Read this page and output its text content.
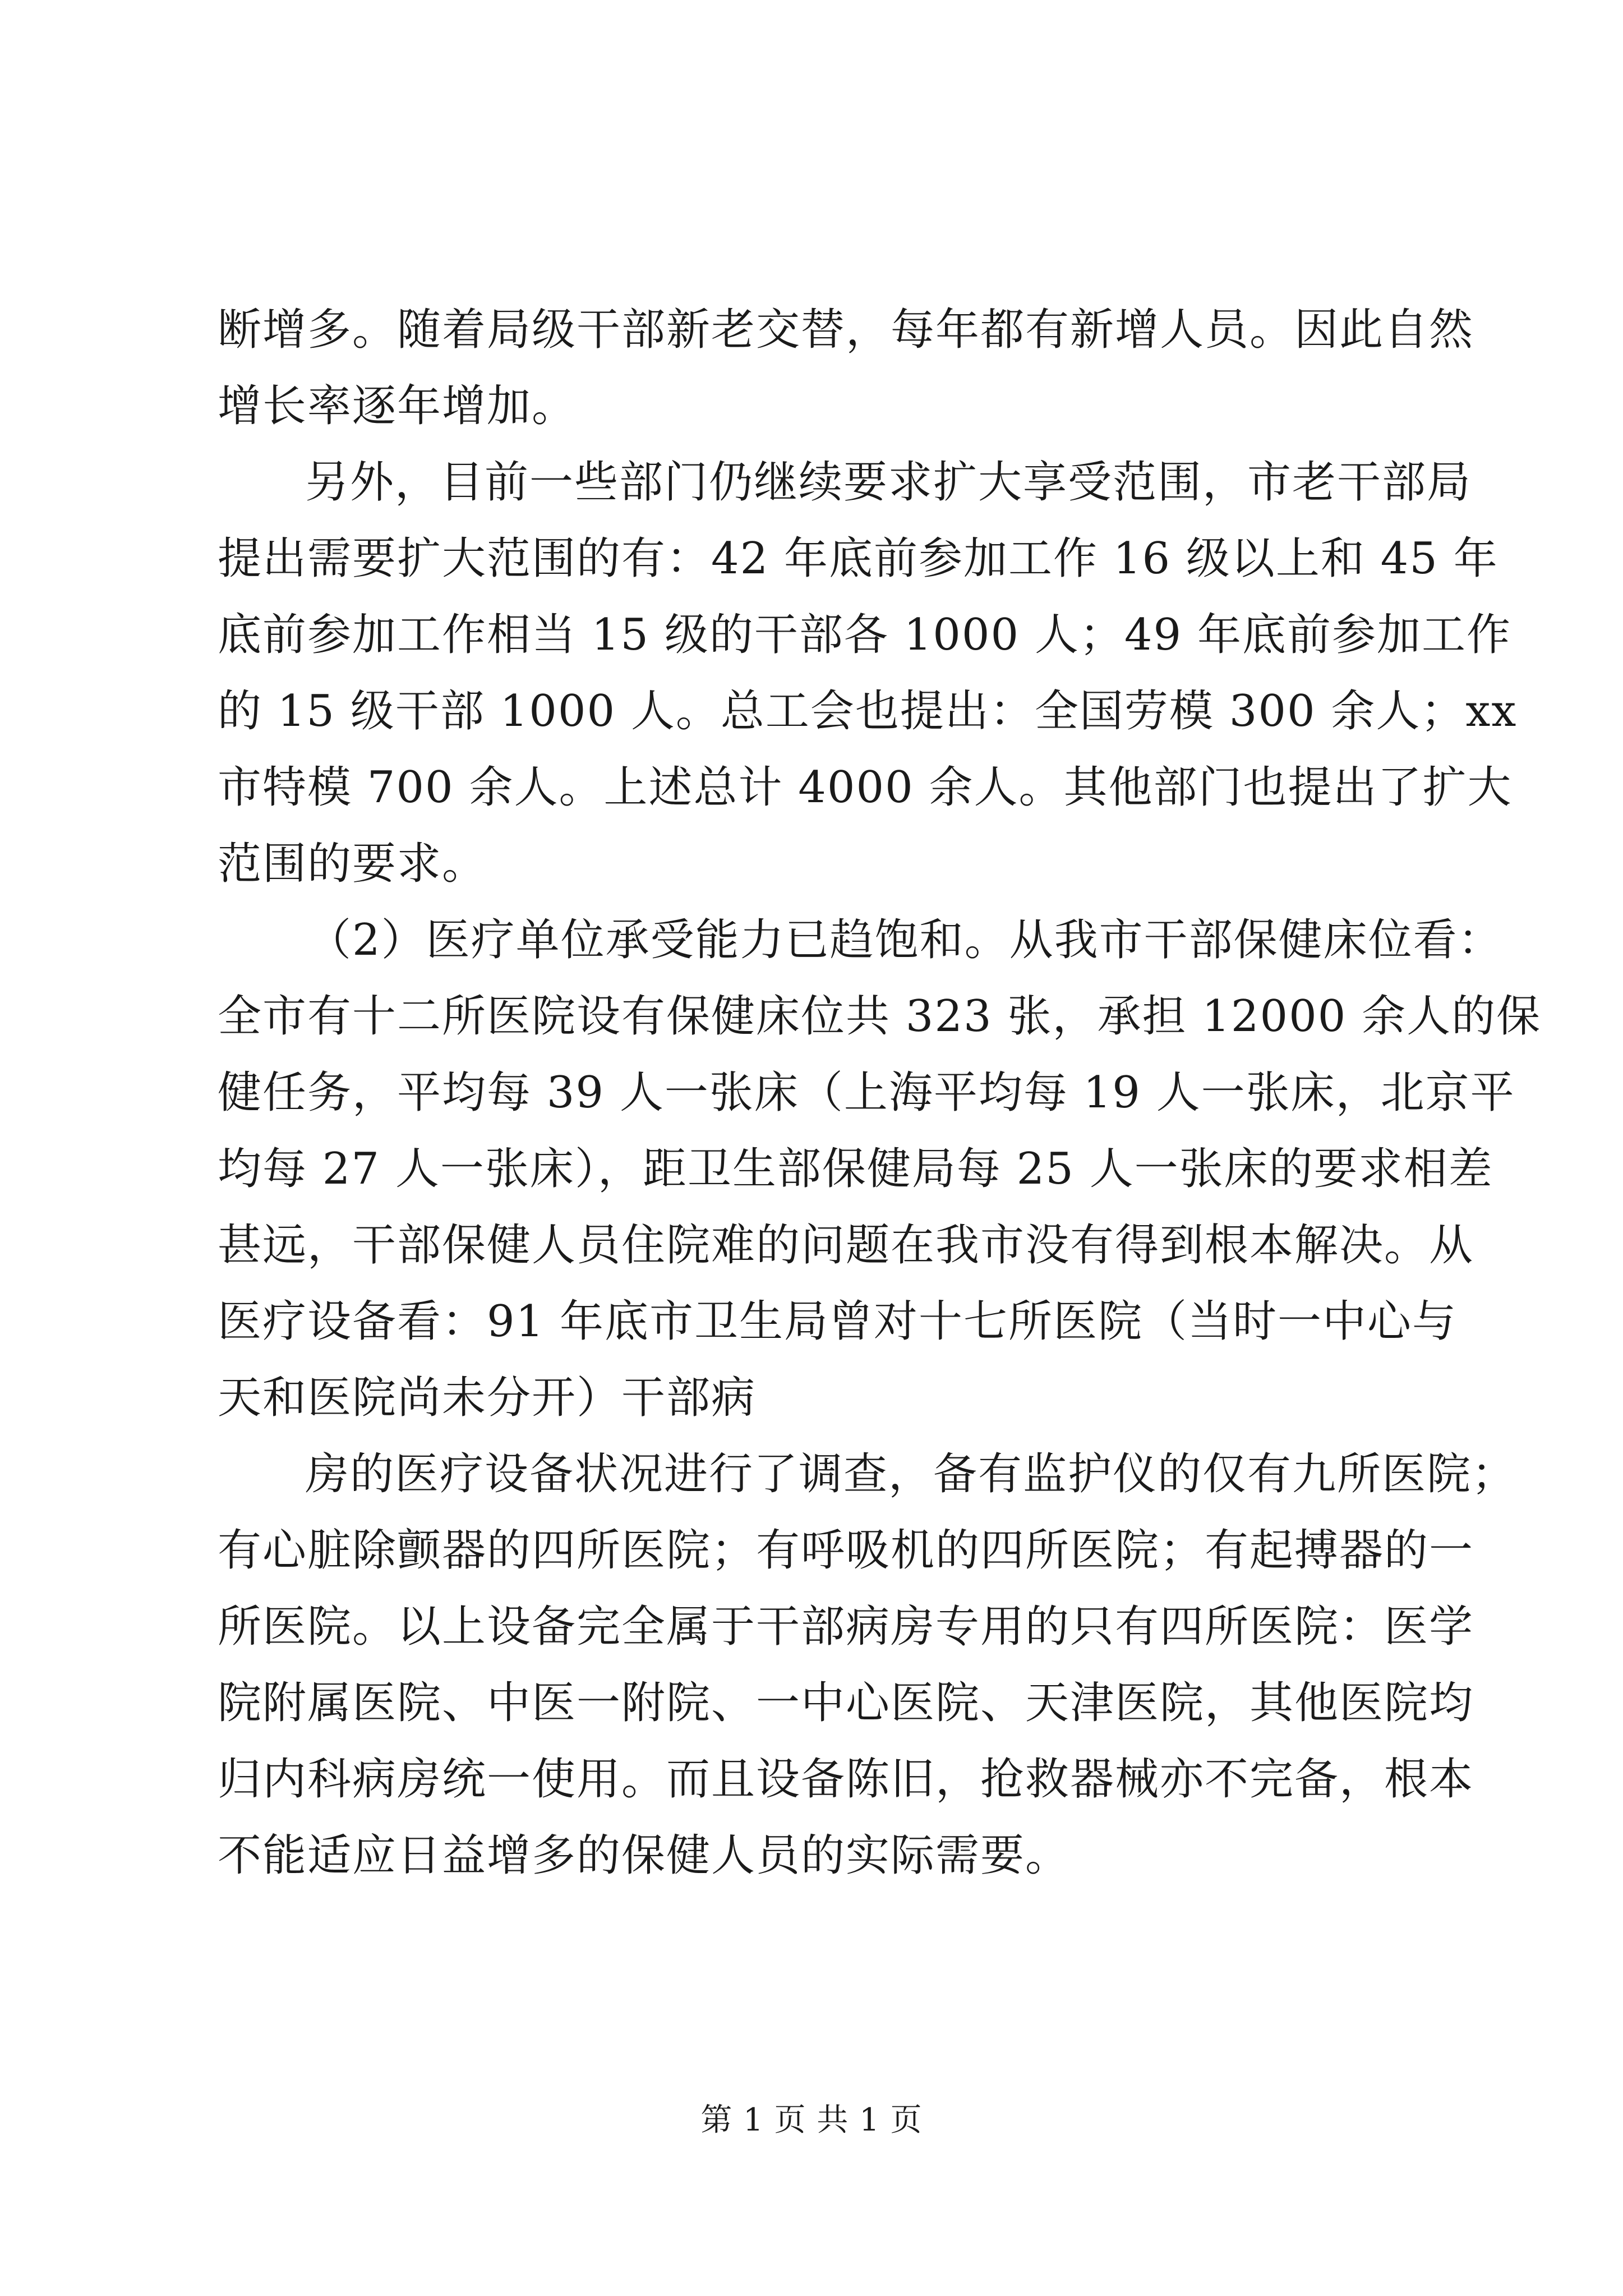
断增多。随着局级干部新老交替，每年都有新增人员。因此自然
增长率逐年增加。
另外，目前一些部门仍继续要求扩大享受范围，市老干部局
提出需要扩大范围的有：42 年底前参加工作 16 级以上和 45 年
底前参加工作相当 15 级的干部各 1000 人；49 年底前参加工作
的 15 级干部 1000 人。总工会也提出：全国劳模 300 余人；xx
市特模 700 余人。上述总计 4000 余人。其他部门也提出了扩大
范围的要求。
（2）医疗单位承受能力已趋饱和。从我市干部保健床位看：
全市有十二所医院设有保健床位共 323 张，承担 12000 余人的保
健任务，平均每 39 人一张床（上海平均每 19 人一张床，北京平
均每 27 人一张床），距卫生部保健局每 25 人一张床的要求相差
甚远，干部保健人员住院难的问题在我市没有得到根本解决。从
医疗设备看：91 年底市卫生局曾对十七所医院（当时一中心与
天和医院尚未分开）干部病
房的医疗设备状况进行了调查，备有监护仪的仅有九所医院；
有心脏除颤器的四所医院；有呼吸机的四所医院；有起搏器的一
所医院。以上设备完全属于干部病房专用的只有四所医院：医学
院附属医院、中医一附院、一中心医院、天津医院，其他医院均
归内科病房统一使用。而且设备陈旧，抢救器械亦不完备，根本
不能适应日益增多的保健人员的实际需要。
第 1 页 共 1 页
